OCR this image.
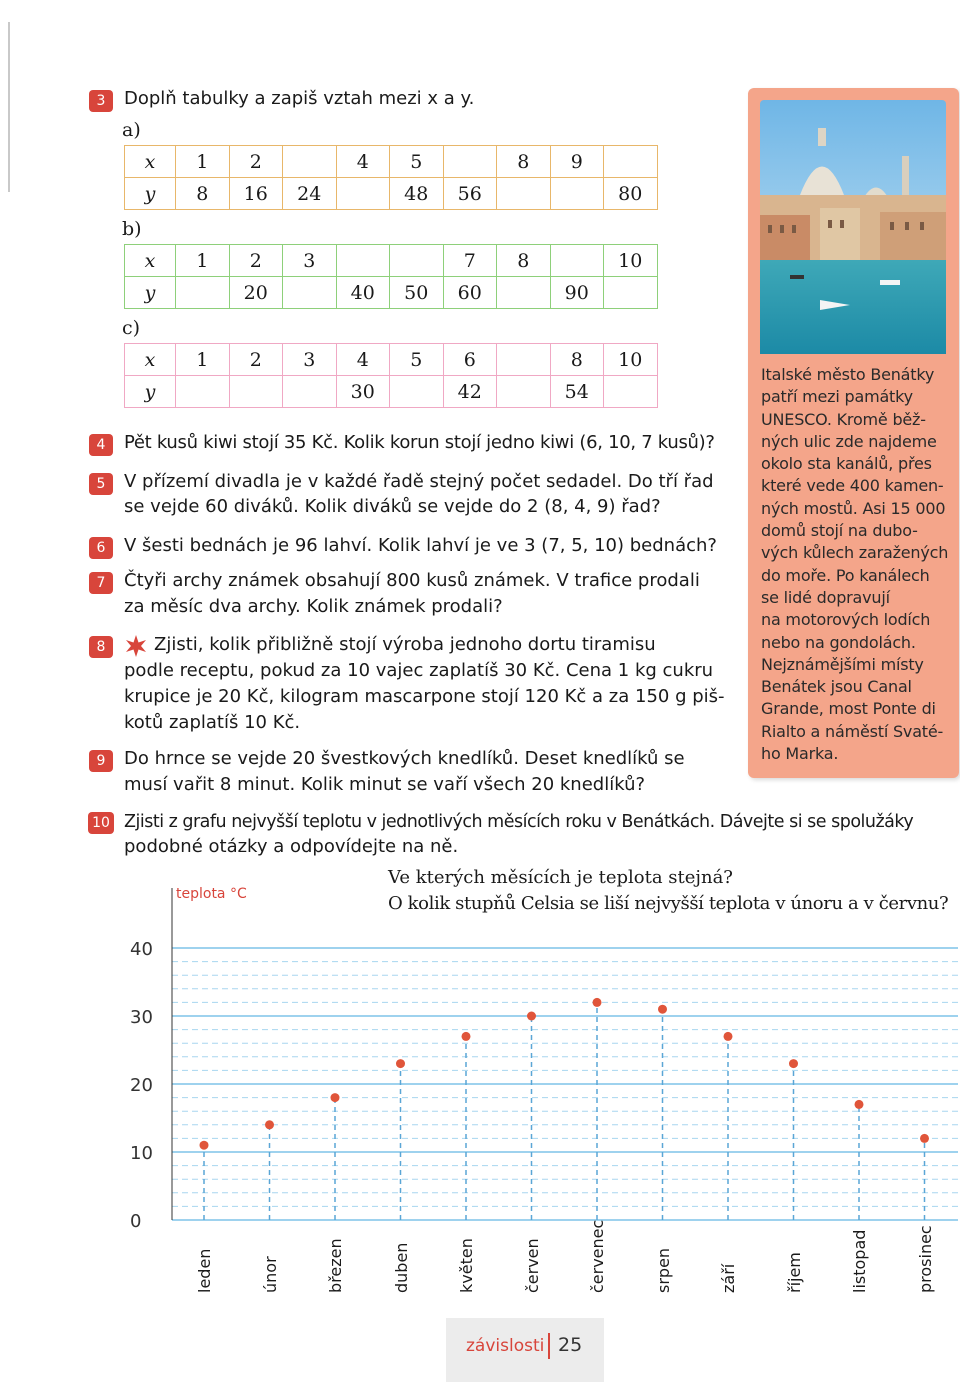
3	Doplň tabulky a zapiš vztah mezi x a y.
a)
x	1	2		4	5		8	9	
y	8	16	24		48	56			80
b)
x	1	2	3			7	8		10
y		20		40	50	60		90	
c)
x	1	2	3	4	5	6		8	10
y				30		42		54	
4	Pět kusů kiwi stojí 35 Kč. Kolik korun stojí jedno kiwi (6, 10, 7 kusů)?
5	V přízemí divadla je v každé řadě stejný počet sedadel. Do tří řad
se vejde 60 diváků. Kolik diváků se vejde do 2 (8, 4, 9) řad?
6	V šesti bednách je 96 lahví. Kolik lahví je ve 3 (7, 5, 10) bednách?
7	Čtyři archy známek obsahují 800 kusů známek. V trafice prodali
za měsíc dva archy. Kolik známek prodali?
8	Zjisti, kolik přibližně stojí výroba jednoho dortu tiramisu
podle receptu, pokud za 10 vajec zaplatíš 30 Kč. Cena 1 kg cukru
krupice je 20 Kč, kilogram mascarpone stojí 120 Kč a za 150 g piš-
kotů zaplatíš 10 Kč.
9	Do hrnce se vejde 20 švestkových knedlíků. Deset knedlíků se
musí vařit 8 minut. Kolik minut se vaří všech 20 knedlíků?
Italské město Benátky
patří mezi památky
UNESCO. Kromě běž-
ných ulic zde najdeme
okolo sta kanálů, přes
které vede 400 kamen-
ných mostů. Asi 15 000
domů stojí na dubo-
vých kůlech zaražených
do moře. Po kanálech
se lidé dopravují
na motorových lodích
nebo na gondolách.
Nejznámějšími místy
Benátek jsou Canal
Grande, most Ponte di
Rialto a náměstí Svaté-
ho Marka.
10 Zjisti z grafu nejvyšší teplotu v jednotlivých měsících roku v Benátkách. Dávejte si se spolužáky
podobné otázky a odpovídejte na ně.
Ve kterých měsících je teplota stejná?
O kolik stupňů Celsia se liší nejvyšší teplota v únoru a v červnu?
0
10
20
30
40
teplota °C
leden	únor	březen	duben	květen	červen	červenec	srpen	září	říjem	listopad	prosinec
závislosti 25
